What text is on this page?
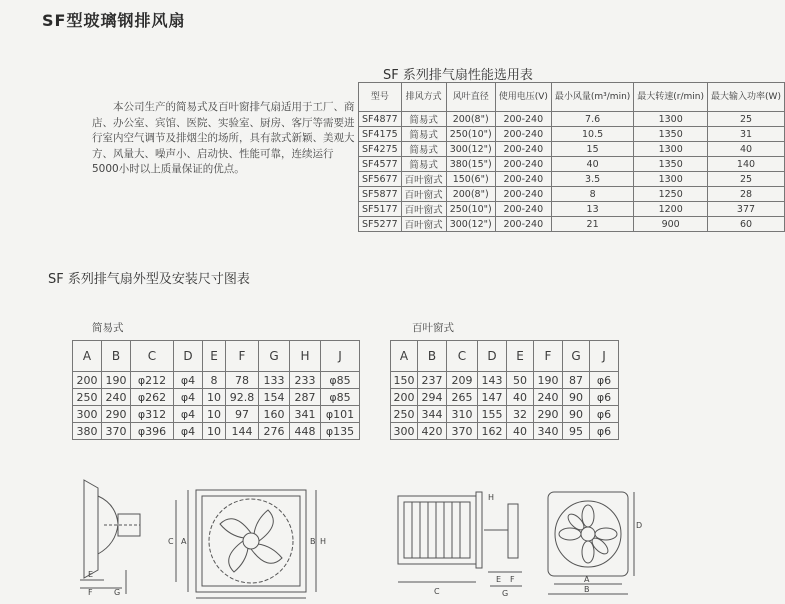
SF型玻璃钢排风扇
本公司生产的简易式及百叶窗排气扇适用于工厂、商店、办公室、宾馆、医院、实验室、厨房、客厅等需要进行室内空气调节及排烟尘的场所，具有款式新颖、美观大方、风量大、噪声小、启动快、性能可靠，连续运行5000小时以上质量保证的优点。
SF 系列排气扇性能选用表
型号	排风方式	风叶直径	使用电压(V)	最小风量(m³/min)	最大转速(r/min)	最大输入功率(W)
SF4877	简易式	200(8")	200-240	7.6	1300	25
SF4175	简易式	250(10")	200-240	10.5	1350	31
SF4275	简易式	300(12")	200-240	15	1300	40
SF4577	简易式	380(15")	200-240	40	1350	140
SF5677	百叶窗式	150(6")	200-240	3.5	1300	25
SF5877	百叶窗式	200(8")	200-240	8	1250	28
SF5177	百叶窗式	250(10")	200-240	13	1200	377
SF5277	百叶窗式	300(12")	200-240	21	900	60
SF 系列排气扇外型及安装尺寸图表
简易式
A	B	C	D	E	F	G	H	J
200	190	φ212	φ4	8	78	133	233	φ85
250	240	φ262	φ4	10	92.8	154	287	φ85
300	290	φ312	φ4	10	97	160	341	φ101
380	370	φ396	φ4	10	144	276	448	φ135
百叶窗式
A	B	C	D	E	F	G	J
150	237	209	143	50	190	87	φ6
200	294	265	147	40	240	90	φ6
250	344	310	155	32	290	90	φ6
300	420	370	162	40	340	95	φ6
E
F	G
C A	B H
H
E F
G
C
D
A
B
